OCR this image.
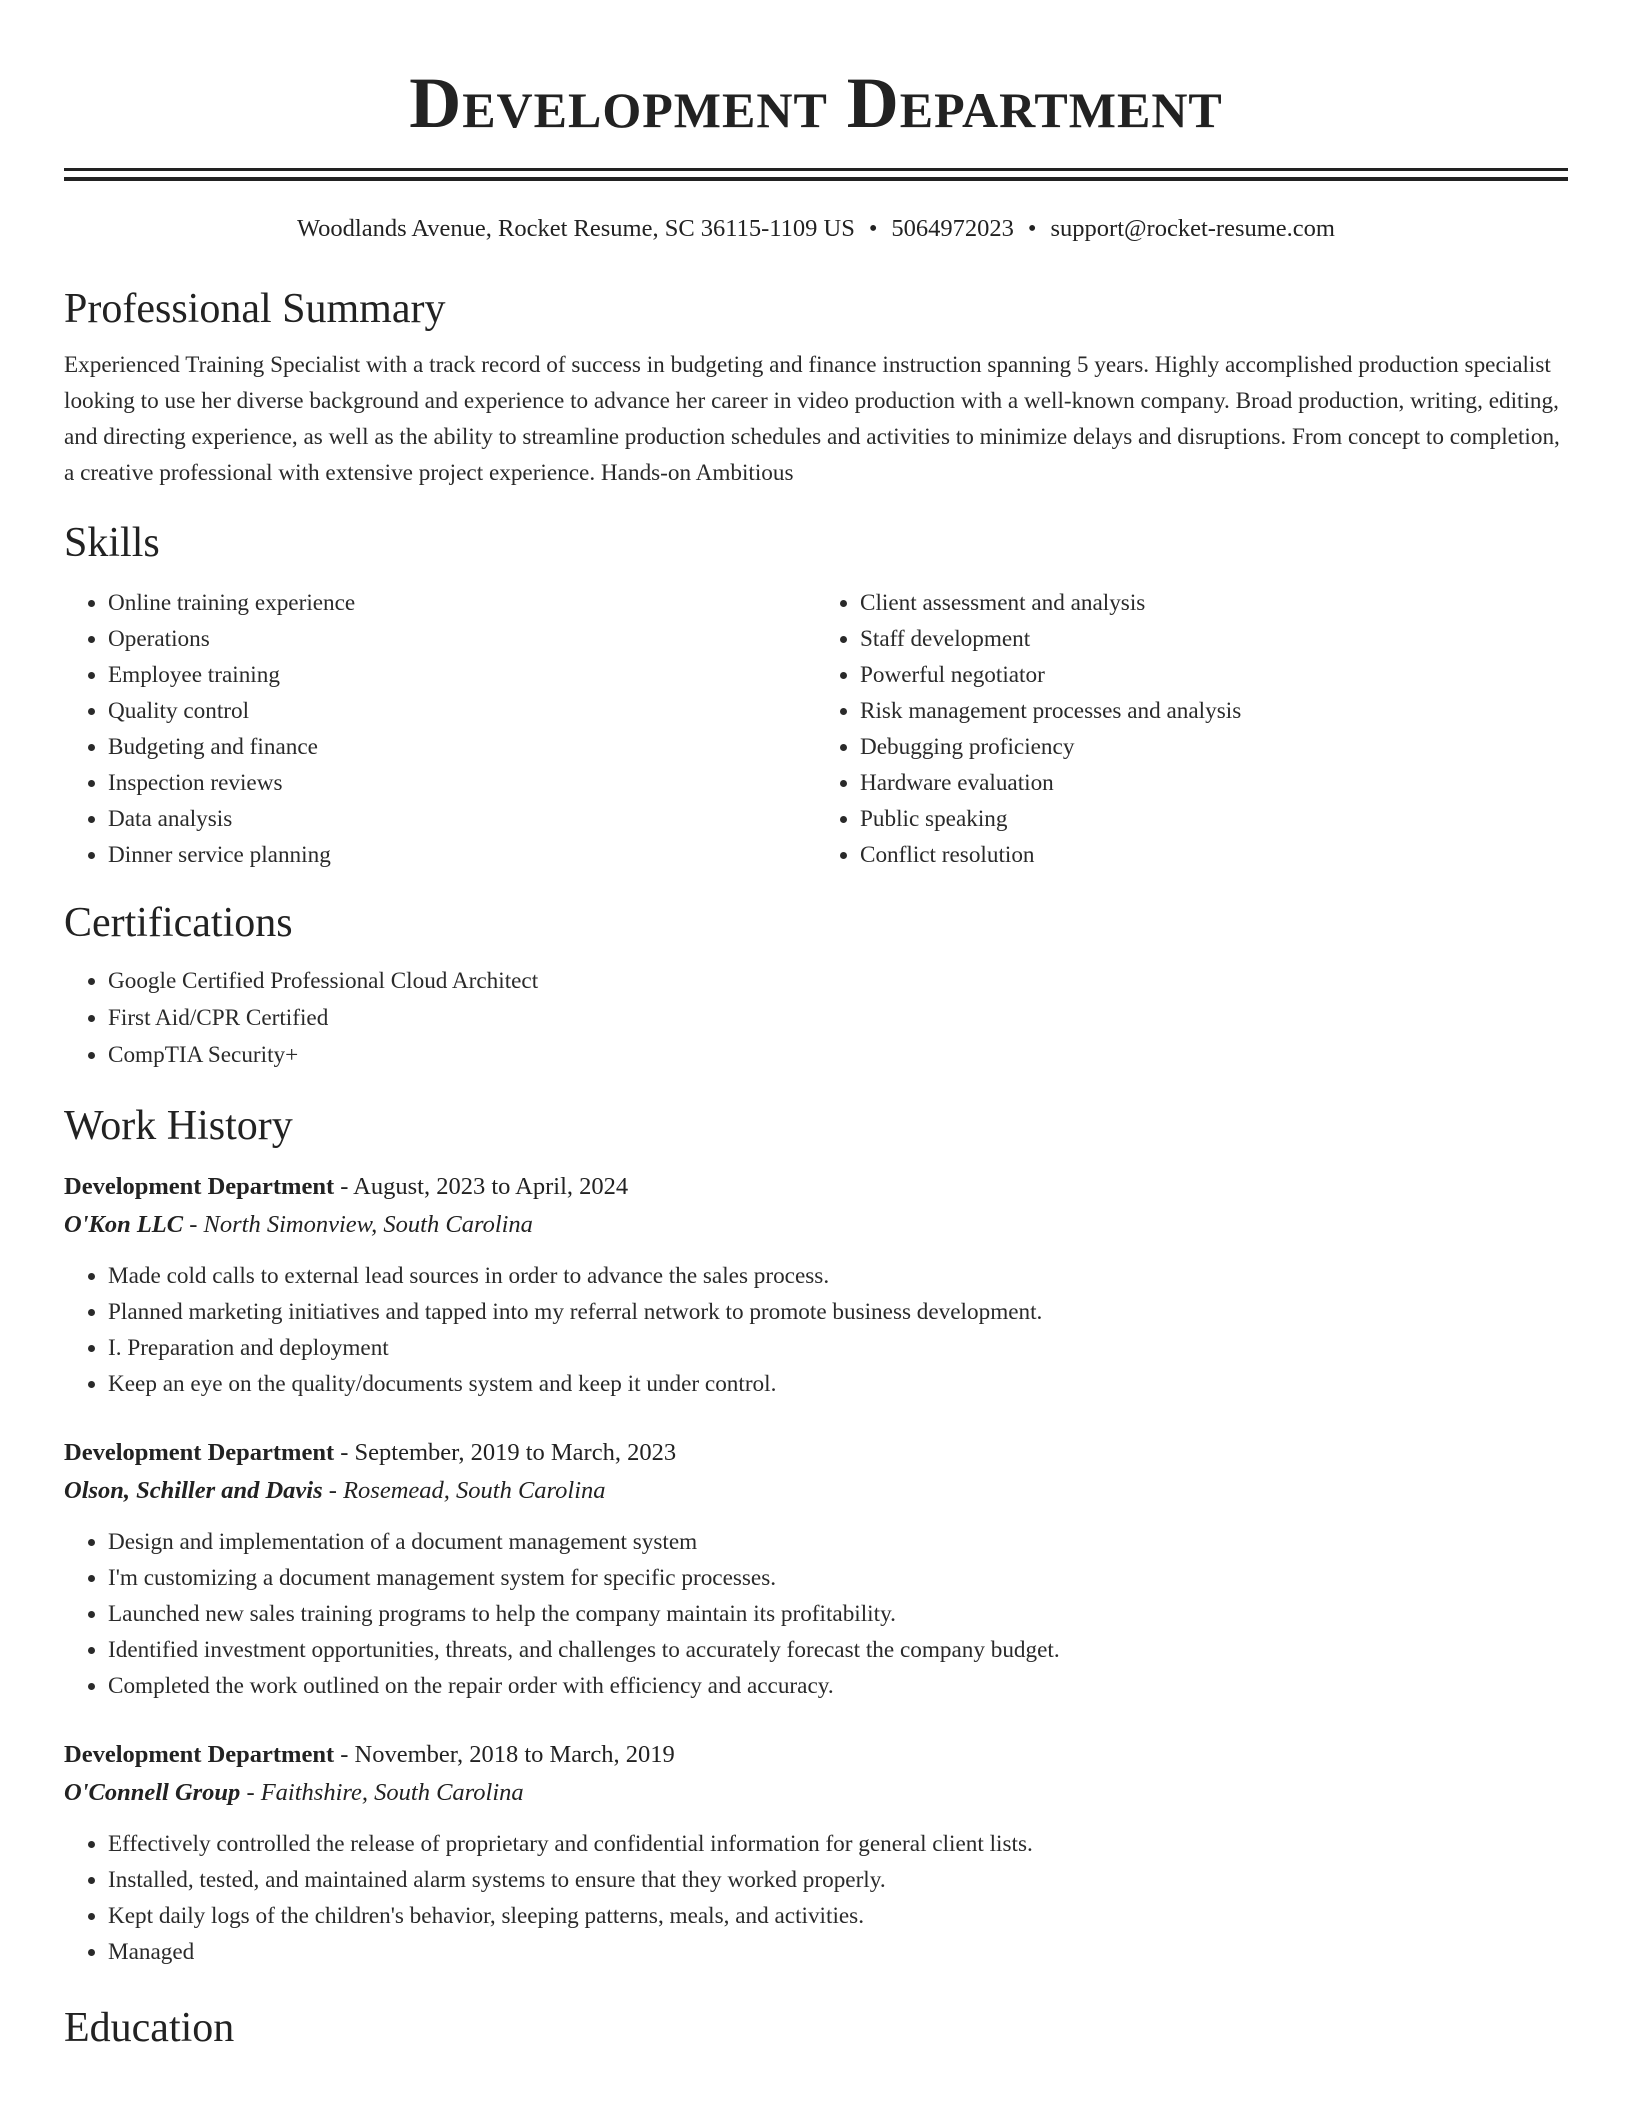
Development Department
Woodlands Avenue, Rocket Resume, SC 36115-1109 US • 5064972023 • support@rocket-resume.com
Professional Summary
Experienced Training Specialist with a track record of success in budgeting and finance instruction spanning 5 years. Highly accomplished production specialist looking to use her diverse background and experience to advance her career in video production with a well-known company. Broad production, writing, editing, and directing experience, as well as the ability to streamline production schedules and activities to minimize delays and disruptions. From concept to completion, a creative professional with extensive project experience. Hands-on Ambitious
Skills
• Online training experience
• Operations
• Employee training
• Quality control
• Budgeting and finance
• Inspection reviews
• Data analysis
• Dinner service planning
• Client assessment and analysis
• Staff development
• Powerful negotiator
• Risk management processes and analysis
• Debugging proficiency
• Hardware evaluation
• Public speaking
• Conflict resolution
Certifications
• Google Certified Professional Cloud Architect
• First Aid/CPR Certified
• CompTIA Security+
Work History
Development Department - August, 2023 to April, 2024
O'Kon LLC - North Simonview, South Carolina
• Made cold calls to external lead sources in order to advance the sales process.
• Planned marketing initiatives and tapped into my referral network to promote business development.
• I. Preparation and deployment
• Keep an eye on the quality/documents system and keep it under control.
Development Department - September, 2019 to March, 2023
Olson, Schiller and Davis - Rosemead, South Carolina
• Design and implementation of a document management system
• I'm customizing a document management system for specific processes.
• Launched new sales training programs to help the company maintain its profitability.
• Identified investment opportunities, threats, and challenges to accurately forecast the company budget.
• Completed the work outlined on the repair order with efficiency and accuracy.
Development Department - November, 2018 to March, 2019
O'Connell Group - Faithshire, South Carolina
• Effectively controlled the release of proprietary and confidential information for general client lists.
• Installed, tested, and maintained alarm systems to ensure that they worked properly.
• Kept daily logs of the children's behavior, sleeping patterns, meals, and activities.
• Managed
Education
